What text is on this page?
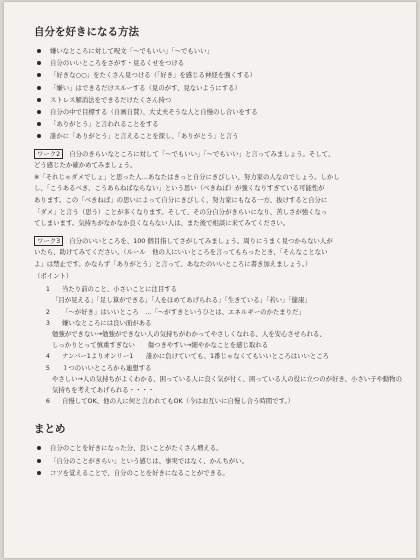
自分を好きになる方法
嫌いなところに対して呪文「〜でもいい」「〜でもいい」
自分のいいところをさがす・見るくせをつける
「好きな○○」をたくさん見つける（「好き」を感じる神経を強くする）
「嫌い」はできるだけスルーする（見のがす、見ないようにする）
ストレス解消法をできるだけたくさん持つ
自分の中で目標する（自画自賛）、大丈夫そうな人と自慢のし合いをする
「ありがとう」と言われることをする
誰かに「ありがとう」と言えることを探し、「ありがとう」と言う

ワーク2 自分のきらいなところに対して「〜でもいい」「〜でもいい」と言ってみましょう。そして、

どう感じたか確かめてみましょう。

※「それじゃダメでしょ」と思った人…あなたはきっと自分にきびしい、努力家の人なのでしょう。しかし

し、「こうあるべき、こうあらねばならない」という思い（べきねば）が強くなりすぎている可能性が

あります。この「べきねば」の思いによって自分にきびしく、努力家にもなる一方、抜けすると自分に

「ダメ」と言う（思う）ことが多くなります。そして、その分自分がきらいになり、苦しさが強くなっ

てしまいます。気持ちがなかなか良くならない人は、また後で相談に来てみてください。

ワーク3 自分のいいところを、100 個目指してさがしてみましょう。周りにうまく見つからない人が

いたら、助けてみてください。（ルール　他の人にいいところを言ってもらったとき、「そんなことない

よ」は禁止です。かならず「ありがとう」と言って、あなたのいいところに書き加えましょう。）

（ポイント）

1 当たり前のこと、小さいことに注目する
「目が見える」「足し算ができる」「人をほめてあげられる」「生きている」「若い」「健康」
2 「〜が好き」はいいところ　…「〜がすきというひとは、エネルギーのかたまりだ」
3 嫌いなところには良い面がある
勉強ができない→勉強ができない人の気持ちがわかってやさしくなれる、人を安心させられる、
しっかりとって慎重すぎない　　傷つきやすい→細やかなことを感じ取れる
4 ナンバー1よりオンリー1　　誰かに負けていても、1番じゃなくてもいいところはいいところ
5 １つのいいところから連想する
やさしい→人の気持ちがよくわかる、困っている人に良く気が付く、困っている人の役に立つのが好き、小さい子や動物の気持ちを考えてあげられる・・・・
6 自慢してOK、他の人に何と言われてもOK（今はお互いに自慢し合う時間です。）
まとめ
自分のことを好きになった分、良いことがたくさん増える。
「自分のことがきらい」という感じは、事実ではなく、かんちがい。
コツを覚えることで、自分のことを好きになることができる。
